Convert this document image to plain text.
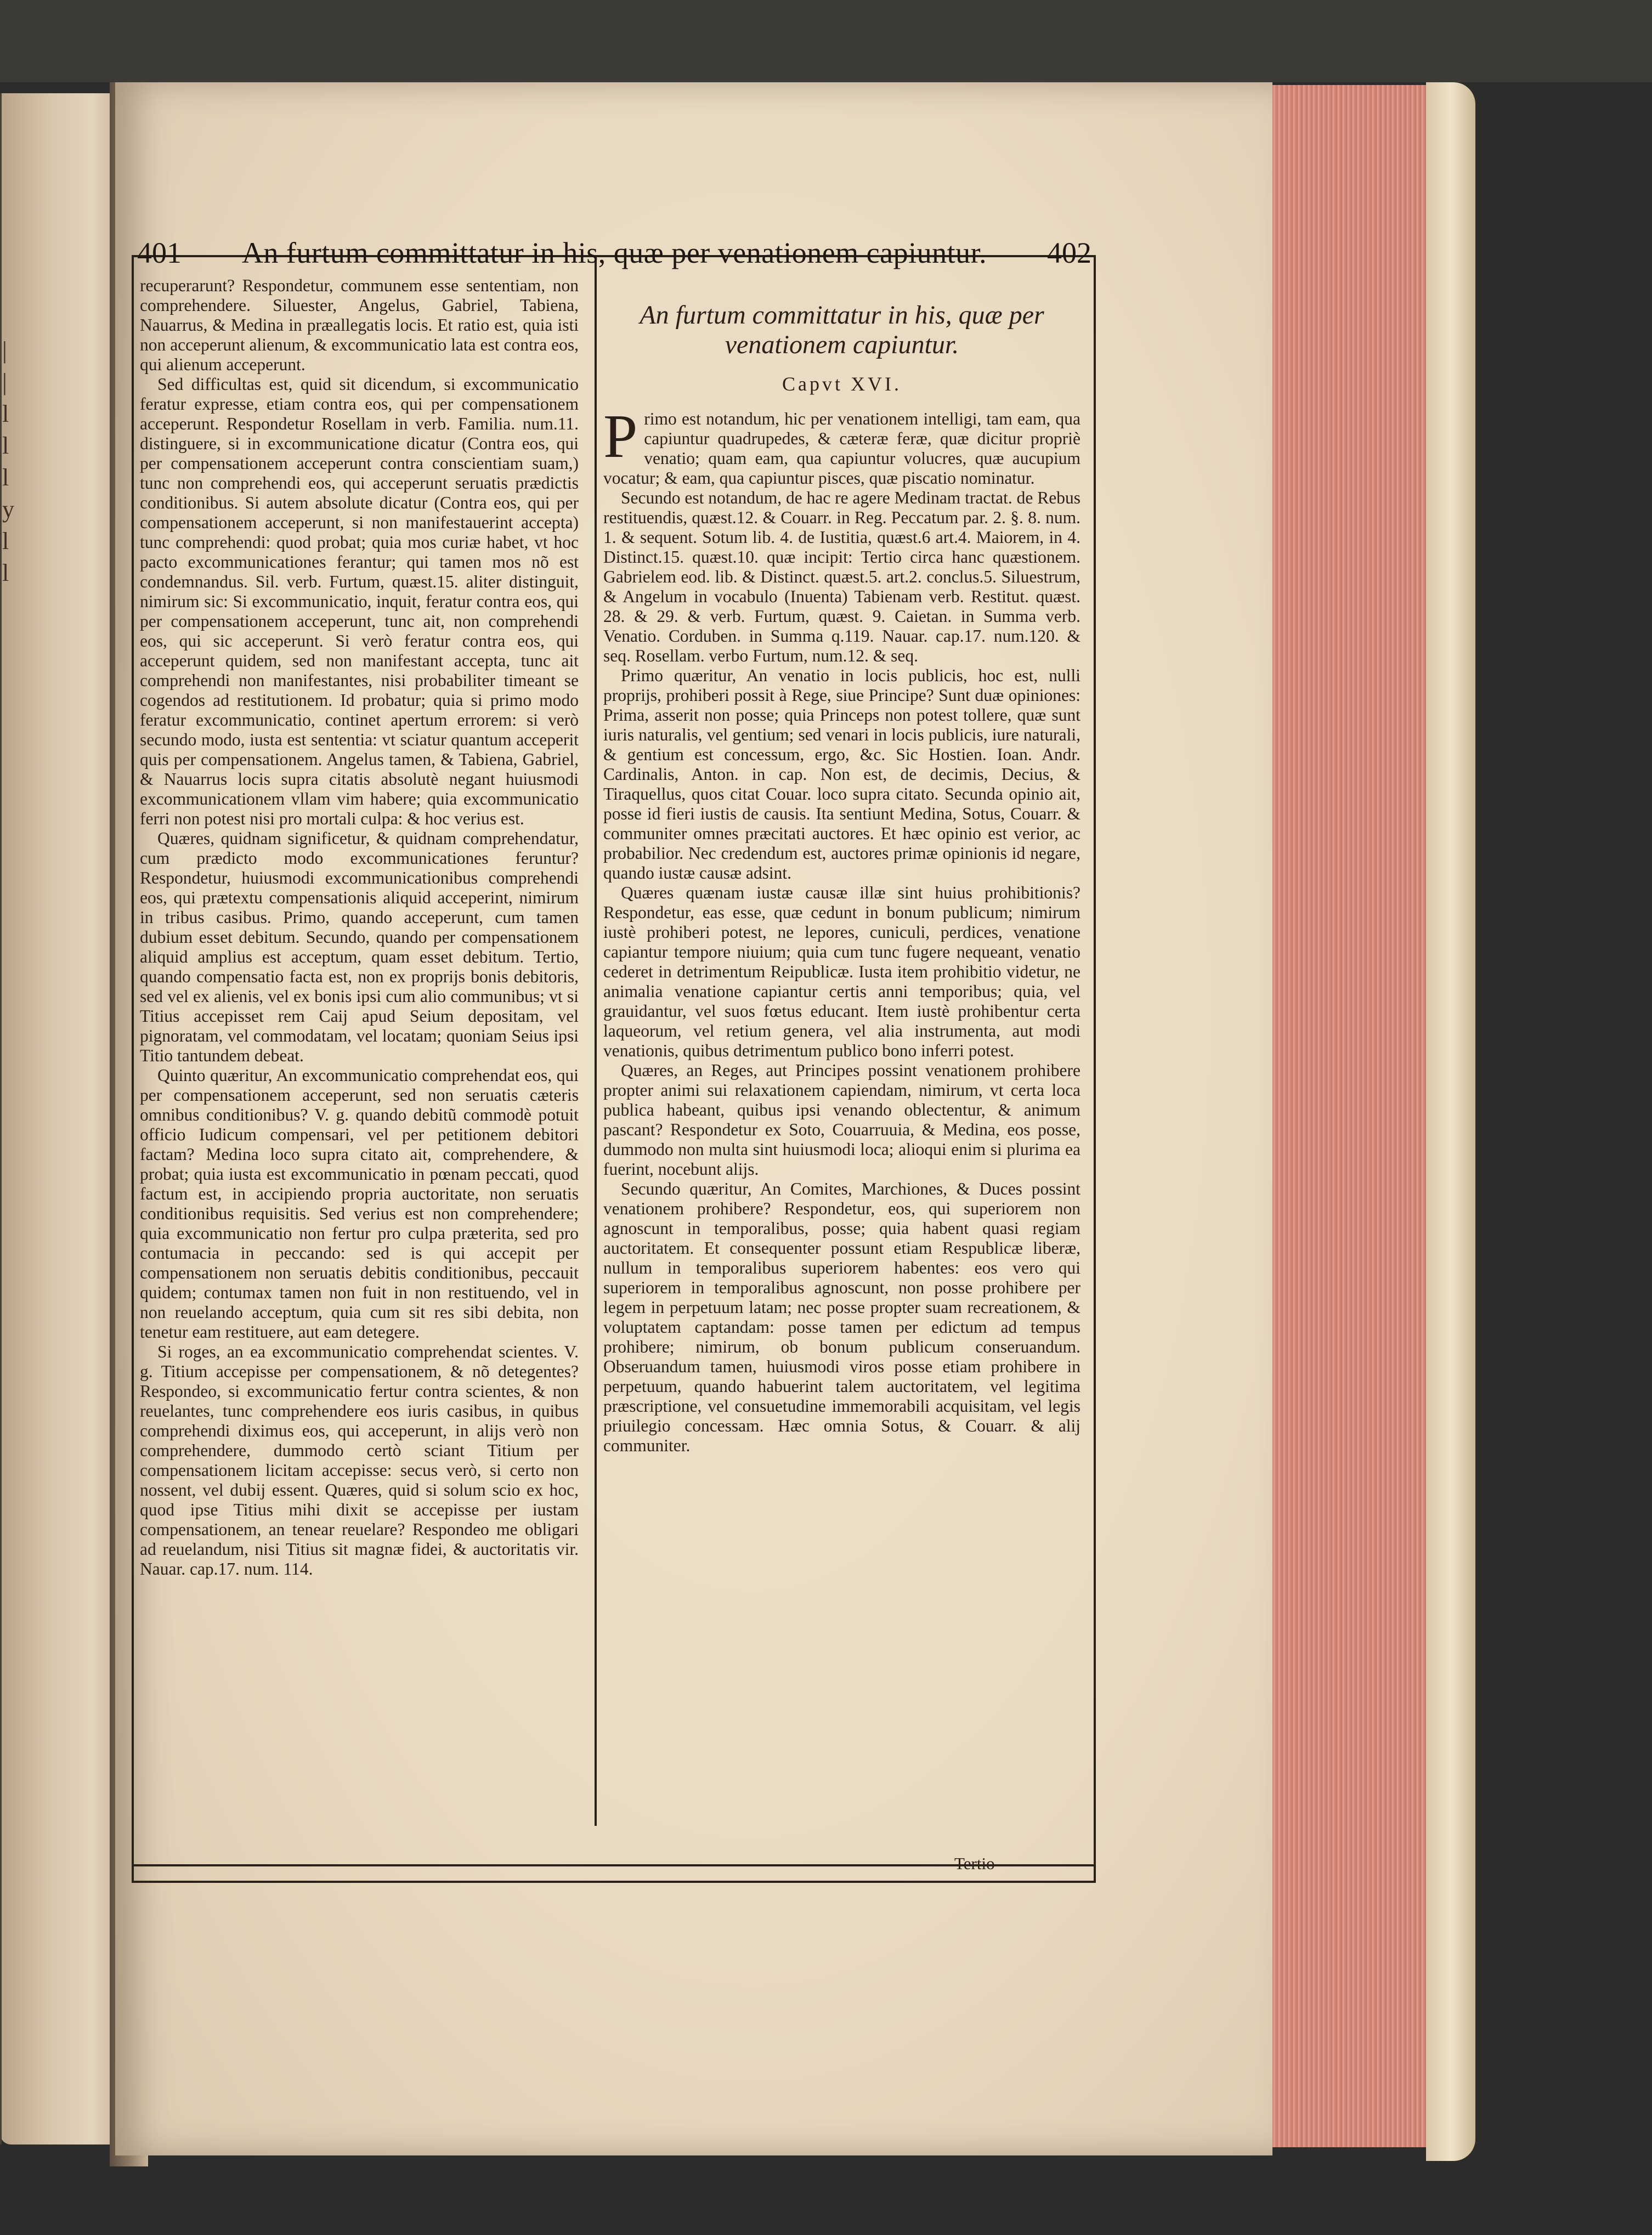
|
|
l
l
l
y
l
l
401 An furtum committatur in his, quæ per venationem capiuntur. 402

recuperarunt? Respondetur, communem esse sententiam, non comprehendere. Siluester, Angelus, Gabriel, Tabiena, Nauarrus, & Medina in præallegatis locis. Et ratio est, quia isti non acceperunt alienum, & excommunicatio lata est contra eos, qui alienum acceperunt.

Sed difficultas est, quid sit dicendum, si excommunicatio feratur expresse, etiam contra eos, qui per compensationem acceperunt. Respondetur Rosellam in verb. Familia. num.11. distinguere, si in excommunicatione dicatur (Contra eos, qui per compensationem acceperunt contra conscientiam suam,) tunc non comprehendi eos, qui acceperunt seruatis prædictis conditionibus. Si autem absolute dicatur (Contra eos, qui per compensationem acceperunt, si non manifestauerint accepta) tunc comprehendi: quod probat; quia mos curiæ habet, vt hoc pacto excommunicationes ferantur; qui tamen mos nõ est condemnandus. Sil. verb. Furtum, quæst.15. aliter distinguit, nimirum sic: Si excommunicatio, inquit, feratur contra eos, qui per compensationem acceperunt, tunc ait, non comprehendi eos, qui sic acceperunt. Si verò feratur contra eos, qui acceperunt quidem, sed non manifestant accepta, tunc ait comprehendi non manifestantes, nisi probabiliter timeant se cogendos ad restitutionem. Id probatur; quia si primo modo feratur excommunicatio, continet apertum errorem: si verò secundo modo, iusta est sententia: vt sciatur quantum acceperit quis per compensationem. Angelus tamen, & Tabiena, Gabriel, & Nauarrus locis supra citatis absolutè negant huiusmodi excommunicationem vllam vim habere; quia excommunicatio ferri non potest nisi pro mortali culpa: & hoc verius est.

Quæres, quidnam significetur, & quidnam comprehendatur, cum prædicto modo excommunicationes feruntur? Respondetur, huiusmodi excommunicationibus comprehendi eos, qui prætextu compensationis aliquid acceperint, nimirum in tribus casibus. Primo, quando acceperunt, cum tamen dubium esset debitum. Secundo, quando per compensationem aliquid amplius est acceptum, quam esset debitum. Tertio, quando compensatio facta est, non ex proprijs bonis debitoris, sed vel ex alienis, vel ex bonis ipsi cum alio communibus; vt si Titius accepisset rem Caij apud Seium depositam, vel pignoratam, vel commodatam, vel locatam; quoniam Seius ipsi Titio tantundem debeat.

Quinto quæritur, An excommunicatio comprehendat eos, qui per compensationem acceperunt, sed non seruatis cæteris omnibus conditionibus? V. g. quando debitũ commodè potuit officio Iudicum compensari, vel per petitionem debitori factam? Medina loco supra citato ait, comprehendere, & probat; quia iusta est excommunicatio in pœnam peccati, quod factum est, in accipiendo propria auctoritate, non seruatis conditionibus requisitis. Sed verius est non comprehendere; quia excommunicatio non fertur pro culpa præterita, sed pro contumacia in peccando: sed is qui accepit per compensationem non seruatis debitis conditionibus, peccauit quidem; contumax tamen non fuit in non restituendo, vel in non reuelando acceptum, quia cum sit res sibi debita, non tenetur eam restituere, aut eam detegere.

Si roges, an ea excommunicatio comprehendat scientes. V. g. Titium accepisse per compensationem, & nõ detegentes? Respondeo, si excommunicatio fertur contra scientes, & non reuelantes, tunc comprehendere eos iuris casibus, in quibus comprehendi diximus eos, qui acceperunt, in alijs verò non comprehendere, dummodo certò sciant Titium per compensationem licitam accepisse: secus verò, si certo non nossent, vel dubij essent. Quæres, quid si solum scio ex hoc, quod ipse Titius mihi dixit se accepisse per iustam compensationem, an tenear reuelare? Respondeo me obligari ad reuelandum, nisi Titius sit magnæ fidei, & auctoritatis vir. Nauar. cap.17. num. 114.

An furtum committatur in his, quæ per venationem capiuntur.
Capvt XVI.

Primo est notandum, hic per venationem intelligi, tam eam, qua capiuntur quadrupedes, & cæteræ feræ, quæ dicitur propriè venatio; quam eam, qua capiuntur volucres, quæ aucupium vocatur; & eam, qua capiuntur pisces, quæ piscatio nominatur.

Secundo est notandum, de hac re agere Medinam tractat. de Rebus restituendis, quæst.12. & Couarr. in Reg. Peccatum par. 2. §. 8. num. 1. & sequent. Sotum lib. 4. de Iustitia, quæst.6 art.4. Maiorem, in 4. Distinct.15. quæst.10. quæ incipit: Tertio circa hanc quæstionem. Gabrielem eod. lib. & Distinct. quæst.5. art.2. conclus.5. Siluestrum, & Angelum in vocabulo (Inuenta) Tabienam verb. Restitut. quæst. 28. & 29. & verb. Furtum, quæst. 9. Caietan. in Summa verb. Venatio. Corduben. in Summa q.119. Nauar. cap.17. num.120. & seq. Rosellam. verbo Furtum, num.12. & seq.

Primo quæritur, An venatio in locis publicis, hoc est, nulli proprijs, prohiberi possit à Rege, siue Principe? Sunt duæ opiniones: Prima, asserit non posse; quia Princeps non potest tollere, quæ sunt iuris naturalis, vel gentium; sed venari in locis publicis, iure naturali, & gentium est concessum, ergo, &c. Sic Hostien. Ioan. Andr. Cardinalis, Anton. in cap. Non est, de decimis, Decius, & Tiraquellus, quos citat Couar. loco supra citato. Secunda opinio ait, posse id fieri iustis de causis. Ita sentiunt Medina, Sotus, Couarr. & communiter omnes præcitati auctores. Et hæc opinio est verior, ac probabilior. Nec credendum est, auctores primæ opinionis id negare, quando iustæ causæ adsint.

Quæres quænam iustæ causæ illæ sint huius prohibitionis? Respondetur, eas esse, quæ cedunt in bonum publicum; nimirum iustè prohiberi potest, ne lepores, cuniculi, perdices, venatione capiantur tempore niuium; quia cum tunc fugere nequeant, venatio cederet in detrimentum Reipublicæ. Iusta item prohibitio videtur, ne animalia venatione capiantur certis anni temporibus; quia, vel grauidantur, vel suos fœtus educant. Item iustè prohibentur certa laqueorum, vel retium genera, vel alia instrumenta, aut modi venationis, quibus detrimentum publico bono inferri potest.

Quæres, an Reges, aut Principes possint venationem prohibere propter animi sui relaxationem capiendam, nimirum, vt certa loca publica habeant, quibus ipsi venando oblectentur, & animum pascant? Respondetur ex Soto, Couarruuia, & Medina, eos posse, dummodo non multa sint huiusmodi loca; alioqui enim si plurima ea fuerint, nocebunt alijs.

Secundo quæritur, An Comites, Marchiones, & Duces possint venationem prohibere? Respondetur, eos, qui superiorem non agnoscunt in temporalibus, posse; quia habent quasi regiam auctoritatem. Et consequenter possunt etiam Respublicæ liberæ, nullum in temporalibus superiorem habentes: eos vero qui superiorem in temporalibus agnoscunt, non posse prohibere per legem in perpetuum latam; nec posse propter suam recreationem, & voluptatem captandam: posse tamen per edictum ad tempus prohibere; nimirum, ob bonum publicum conseruandum. Obseruandum tamen, huiusmodi viros posse etiam prohibere in perpetuum, quando habuerint talem auctoritatem, vel legitima præscriptione, vel consuetudine immemorabili acquisitam, vel legis priuilegio concessam. Hæc omnia Sotus, & Couarr. & alij communiter.

Tertio
